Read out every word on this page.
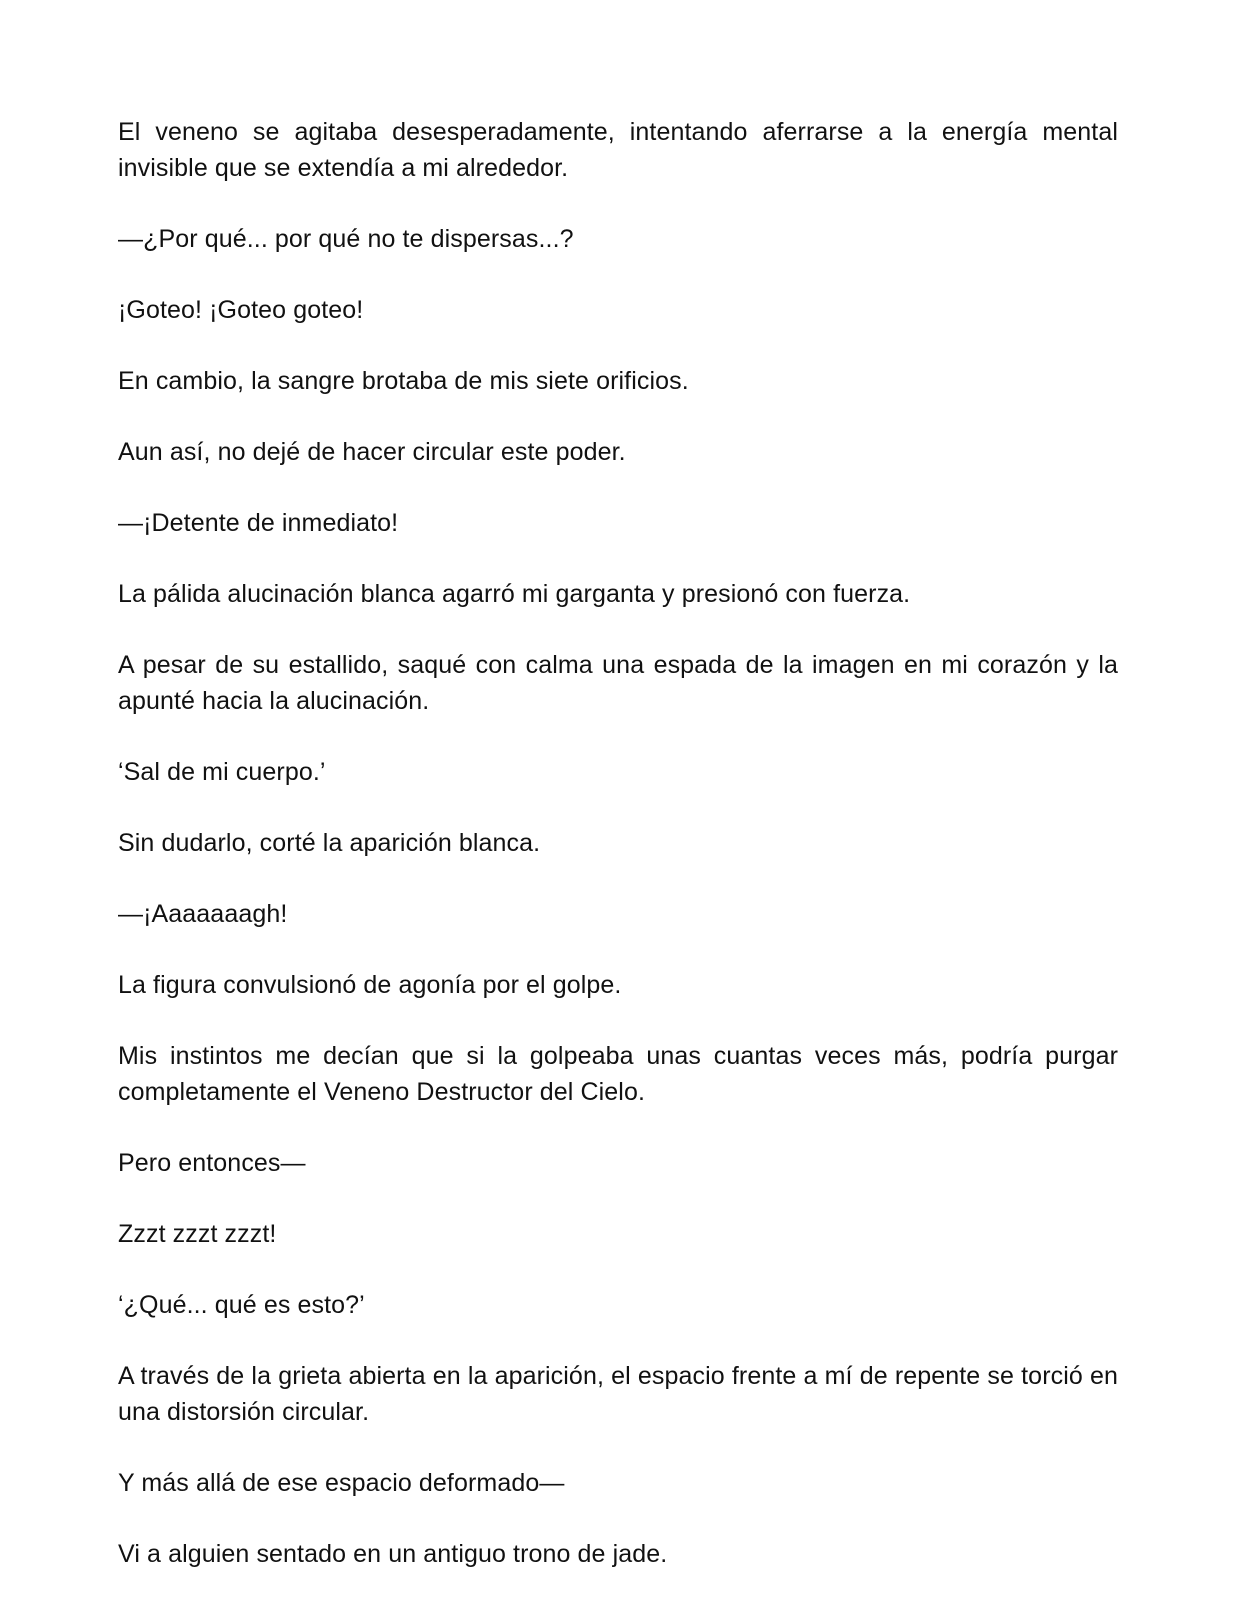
El veneno se agitaba desesperadamente, intentando aferrarse a la energía mental invisible que se extendía a mi alrededor.

—¿Por qué... por qué no te dispersas...?

¡Goteo! ¡Goteo goteo!

En cambio, la sangre brotaba de mis siete orificios.

Aun así, no dejé de hacer circular este poder.

—¡Detente de inmediato!

La pálida alucinación blanca agarró mi garganta y presionó con fuerza.

A pesar de su estallido, saqué con calma una espada de la imagen en mi corazón y la apunté hacia la alucinación.

‘Sal de mi cuerpo.’

Sin dudarlo, corté la aparición blanca.

—¡Aaaaaaagh!

La figura convulsionó de agonía por el golpe.

Mis instintos me decían que si la golpeaba unas cuantas veces más, podría purgar completamente el Veneno Destructor del Cielo.

Pero entonces—

Zzzt zzzt zzzt!

‘¿Qué... qué es esto?’

A través de la grieta abierta en la aparición, el espacio frente a mí de repente se torció en una distorsión circular.

Y más allá de ese espacio deformado—

Vi a alguien sentado en un antiguo trono de jade.
